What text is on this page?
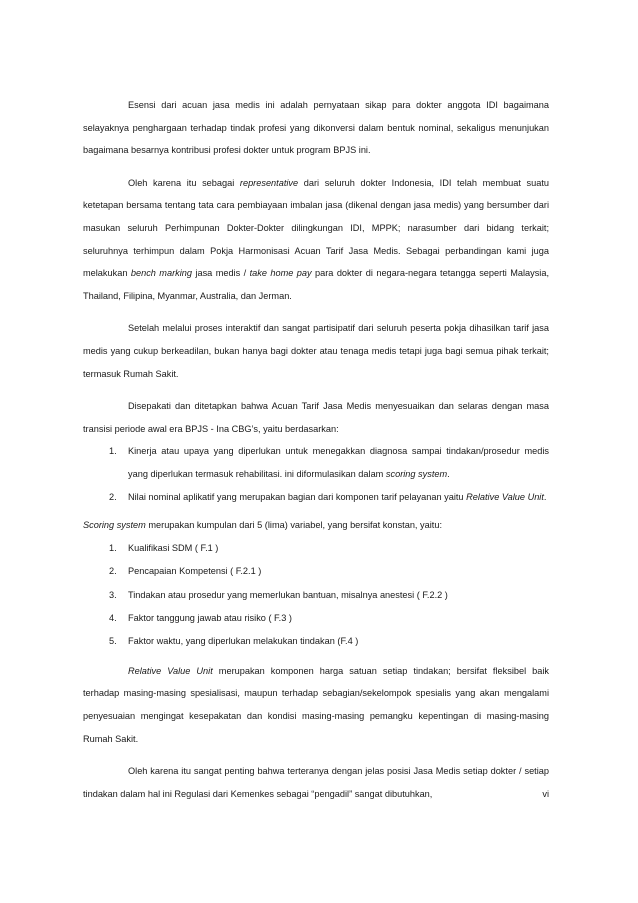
Esensi dari acuan jasa medis ini adalah pernyataan sikap para dokter anggota IDI bagaimana selayaknya penghargaan terhadap tindak profesi yang dikonversi dalam bentuk nominal, sekaligus menunjukan bagaimana besarnya kontribusi profesi dokter untuk program BPJS ini.

Oleh karena itu sebagai representative dari seluruh dokter Indonesia, IDI telah membuat suatu ketetapan bersama tentang tata cara pembiayaan imbalan jasa (dikenal dengan jasa medis) yang bersumber dari masukan seluruh Perhimpunan Dokter-Dokter dilingkungan IDI, MPPK; narasumber dari bidang terkait; seluruhnya terhimpun dalam Pokja Harmonisasi Acuan Tarif Jasa Medis. Sebagai perbandingan kami juga melakukan bench marking jasa medis / take home pay para dokter di negara-negara tetangga seperti Malaysia, Thailand, Filipina, Myanmar, Australia, dan Jerman.

Setelah melalui proses interaktif dan sangat partisipatif dari seluruh peserta pokja dihasilkan tarif jasa medis yang cukup berkeadilan, bukan hanya bagi dokter atau tenaga medis tetapi juga bagi semua pihak terkait; termasuk Rumah Sakit.

Disepakati dan ditetapkan bahwa Acuan Tarif Jasa Medis menyesuaikan dan selaras dengan masa transisi periode awal era BPJS - Ina CBG’s, yaitu berdasarkan:

1. Kinerja atau upaya yang diperlukan untuk menegakkan diagnosa sampai tindakan/prosedur medis yang diperlukan termasuk rehabilitasi. ini diformulasikan dalam scoring system.
2. Nilai nominal aplikatif yang merupakan bagian dari komponen tarif pelayanan yaitu Relative Value Unit.

Scoring system merupakan kumpulan dari 5 (lima) variabel, yang bersifat konstan, yaitu:

1. Kualifikasi SDM ( F.1 )
2. Pencapaian Kompetensi ( F.2.1 )
3. Tindakan atau prosedur yang memerlukan bantuan, misalnya anestesi ( F.2.2 )
4. Faktor tanggung jawab atau risiko ( F.3 )
5. Faktor waktu, yang diperlukan melakukan tindakan (F.4 )

Relative Value Unit merupakan komponen harga satuan setiap tindakan; bersifat fleksibel baik terhadap masing-masing spesialisasi, maupun terhadap sebagian/sekelompok spesialis yang akan mengalami penyesuaian mengingat kesepakatan dan kondisi masing-masing pemangku kepentingan di masing-masing Rumah Sakit.

Oleh karena itu sangat penting bahwa terteranya dengan jelas posisi Jasa Medis setiap dokter / setiap tindakan dalam hal ini Regulasi dari Kemenkes sebagai “pengadil” sangat dibutuhkan,	vi
